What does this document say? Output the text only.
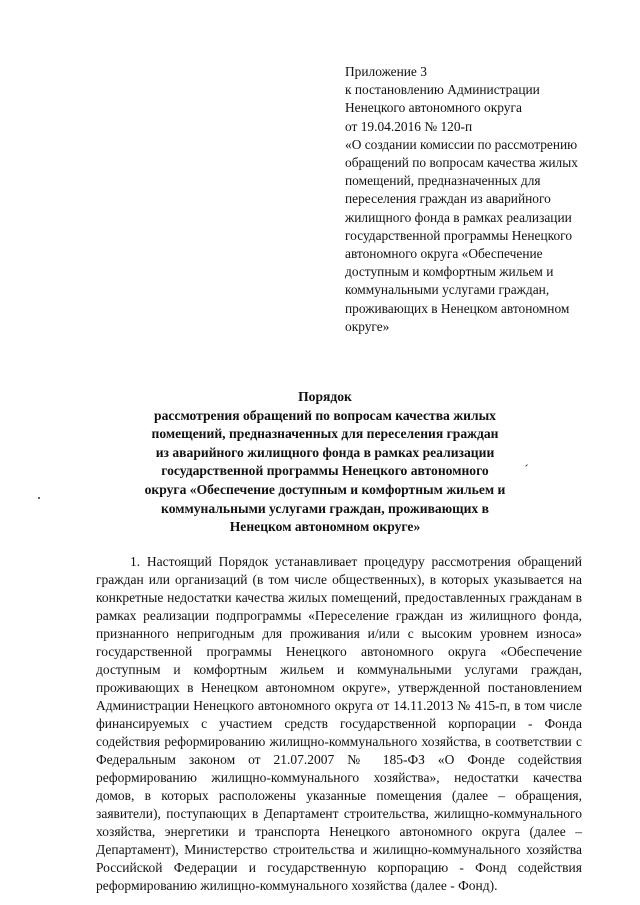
Приложение 3
к постановлению Администрации
Ненецкого автономного округа
от 19.04.2016 № 120-п
«О создании комиссии по рассмотрению
обращений по вопросам качества жилых
помещений, предназначенных для
переселения граждан из аварийного
жилищного фонда в рамках реализации
государственной программы Ненецкого
автономного округа «Обеспечение
доступным и комфортным жильем и
коммунальными услугами граждан,
проживающих в Ненецком автономном
округе»
Порядок
рассмотрения обращений по вопросам качества жилых
помещений, предназначенных для переселения граждан
из аварийного жилищного фонда в рамках реализации
государственной программы Ненецкого автономного
округа «Обеспечение доступным и комфортным жильем и
коммунальными услугами граждан, проживающих в
Ненецком автономном округе»
1. Настоящий Порядок устанавливает процедуру рассмотрения обращений
граждан или организаций (в том числе общественных), в которых указывается на
конкретные недостатки качества жилых помещений, предоставленных гражданам в
рамках реализации подпрограммы «Переселение граждан из жилищного фонда,
признанного непригодным для проживания и/или с высоким уровнем износа»
государственной программы Ненецкого автономного округа «Обеспечение
доступным и комфортным жильем и коммунальными услугами граждан,
проживающих в Ненецком автономном округе», утвержденной постановлением
Администрации Ненецкого автономного округа от 14.11.2013 № 415-п, в том числе
финансируемых с участием средств государственной корпорации - Фонда
содействия реформированию жилищно-коммунального хозяйства, в соответствии с
Федеральным законом от 21.07.2007 № 185-ФЗ «О Фонде содействия
реформированию жилищно-коммунального хозяйства», недостатки качества
домов, в которых расположены указанные помещения (далее – обращения,
заявители), поступающих в Департамент строительства, жилищно-коммунального
хозяйства, энергетики и транспорта Ненецкого автономного округа (далее –
Департамент), Министерство строительства и жилищно-коммунального хозяйства
Российской Федерации и государственную корпорацию - Фонд содействия
реформированию жилищно-коммунального хозяйства (далее - Фонд).
